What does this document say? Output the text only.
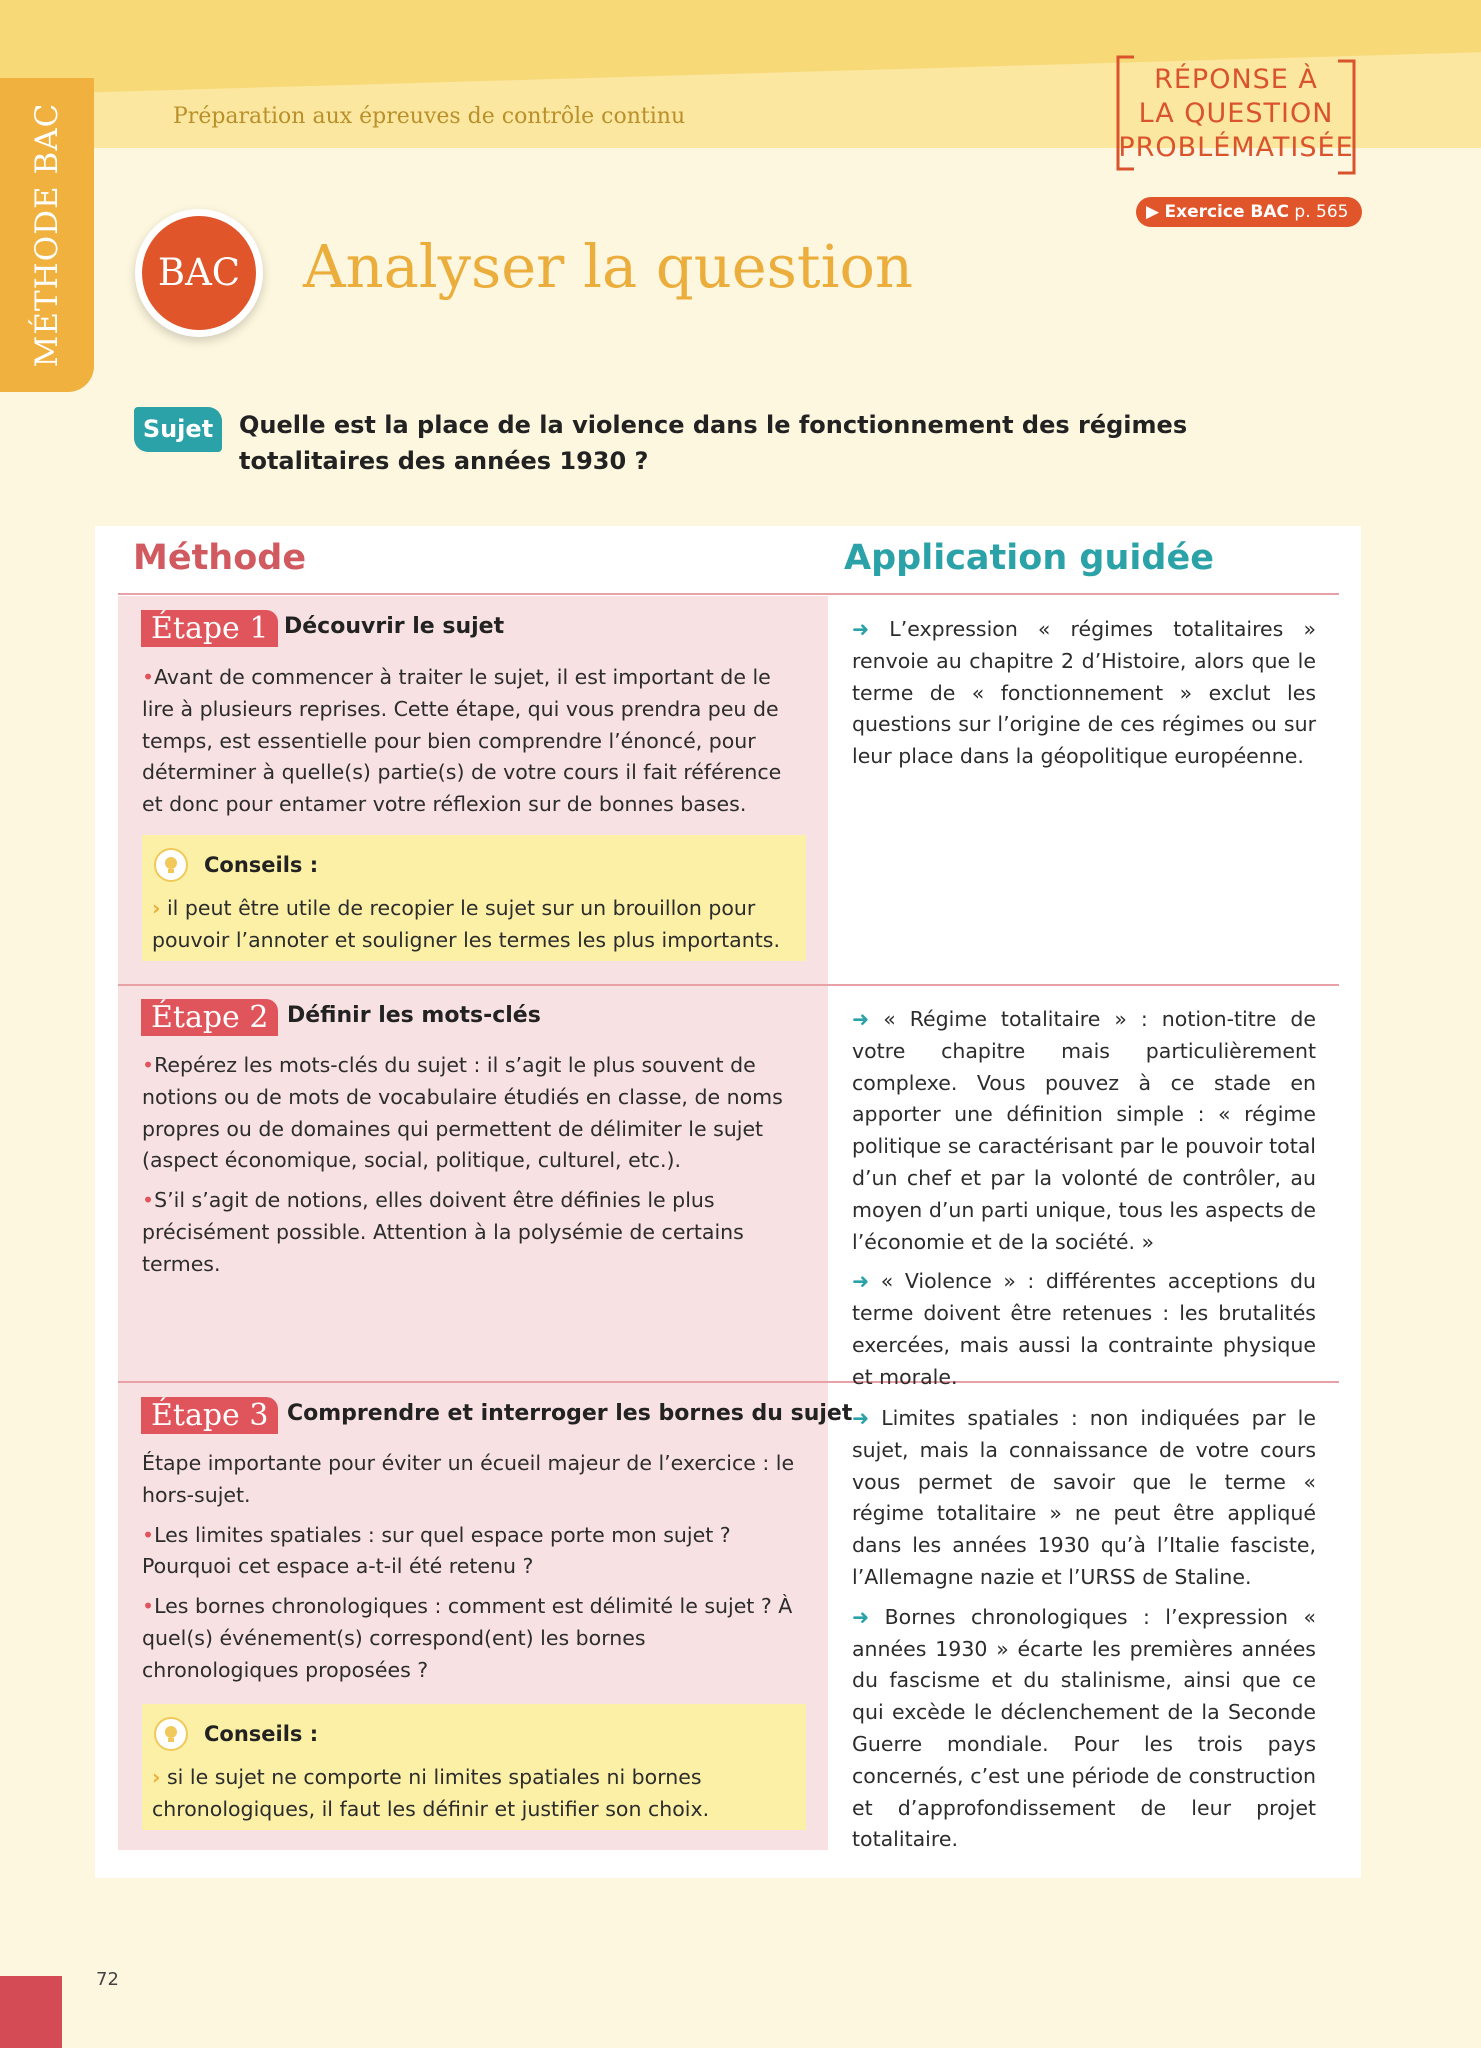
MÉTHODE BAC	Préparation aux épreuves de contrôle continu
RÉPONSE À
LA QUESTION
PROBLÉMATISÉE
▶ Exercice BAC p. 565
BAC Analyser la question
Sujet	Quelle est la place de la violence dans le fonctionnement des régimes totalitaires des années 1930 ?
Méthode	Application guidée
Étape 1 Découvrir le sujet

•Avant de commencer à traiter le sujet, il est important de le lire à plusieurs reprises. Cette étape, qui vous prendra peu de temps, est essentielle pour bien comprendre l’énoncé, pour déterminer à quelle(s) partie(s) de votre cours il fait référence et donc pour entamer votre réflexion sur de bonnes bases.

Conseils :
› il peut être utile de recopier le sujet sur un brouillon pour pouvoir l’annoter et souligner les termes les plus importants.

➜ L’expression « régimes totalitaires » renvoie au chapitre 2 d’Histoire, alors que le terme de « fonctionnement » exclut les questions sur l’origine de ces régimes ou sur leur place dans la géopolitique européenne.

Étape 2 Définir les mots-clés

•Repérez les mots-clés du sujet : il s’agit le plus souvent de notions ou de mots de vocabulaire étudiés en classe, de noms propres ou de domaines qui permettent de délimiter le sujet (aspect économique, social, politique, culturel, etc.).

•S’il s’agit de notions, elles doivent être définies le plus précisément possible. Attention à la polysémie de certains termes.

➜ « Régime totalitaire » : notion-titre de votre chapitre mais particulièrement complexe. Vous pouvez à ce stade en apporter une définition simple : « régime politique se caractérisant par le pouvoir total d’un chef et par la volonté de contrôler, au moyen d’un parti unique, tous les aspects de l’économie et de la société. »

➜ « Violence » : différentes acceptions du terme doivent être retenues : les brutalités exercées, mais aussi la contrainte physique et morale.

Étape 3 Comprendre et interroger les bornes du sujet

Étape importante pour éviter un écueil majeur de l’exercice : le hors-sujet.

•Les limites spatiales : sur quel espace porte mon sujet ? Pourquoi cet espace a-t-il été retenu ?

•Les bornes chronologiques : comment est délimité le sujet ? À quel(s) événement(s) correspond(ent) les bornes chronologiques proposées ?

Conseils :
› si le sujet ne comporte ni limites spatiales ni bornes chronologiques, il faut les définir et justifier son choix.

➜ Limites spatiales : non indiquées par le sujet, mais la connaissance de votre cours vous permet de savoir que le terme « régime totalitaire » ne peut être appliqué dans les années 1930 qu’à l’Italie fasciste, l’Allemagne nazie et l’URSS de Staline.

➜ Bornes chronologiques : l’expression « années 1930 » écarte les premières années du fascisme et du stalinisme, ainsi que ce qui excède le déclenchement de la Seconde Guerre mondiale. Pour les trois pays concernés, c’est une période de construction et d’approfondissement de leur projet totalitaire.

72
